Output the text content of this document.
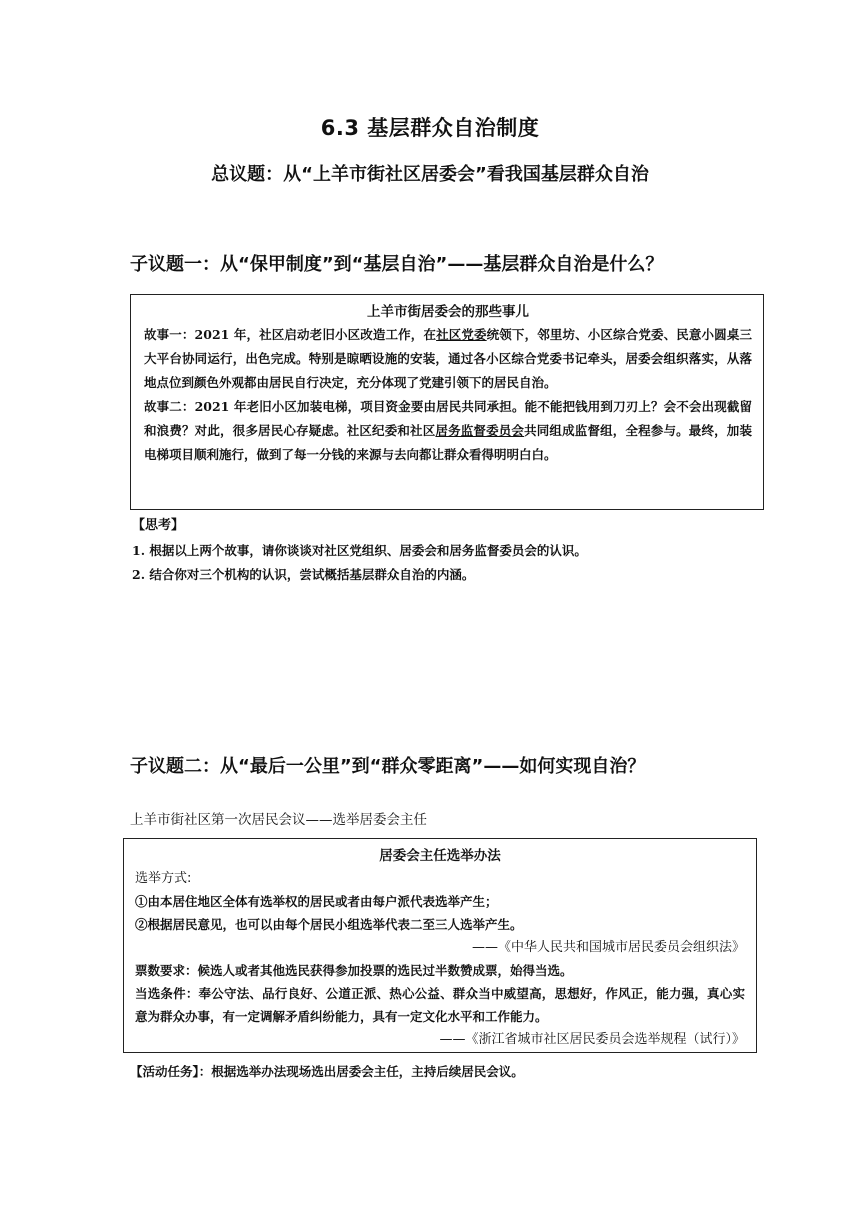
6.3 基层群众自治制度
总议题：从“上羊市街社区居委会”看我国基层群众自治
子议题一：从“保甲制度”到“基层自治”——基层群众自治是什么？
上羊市街居委会的那些事儿

故事一：2021 年，社区启动老旧小区改造工作，在社区党委统领下，邻里坊、小区综合党委、民意小圆桌三大平台协同运行，出色完成。特别是晾晒设施的安装，通过各小区综合党委书记牵头，居委会组织落实，从落地点位到颜色外观都由居民自行决定，充分体现了党建引领下的居民自治。

故事二：2021 年老旧小区加装电梯，项目资金要由居民共同承担。能不能把钱用到刀刃上？会不会出现截留和浪费？对此，很多居民心存疑虑。社区纪委和社区居务监督委员会共同组成监督组，全程参与。最终，加装电梯项目顺利施行，做到了每一分钱的来源与去向都让群众看得明明白白。

【思考】
1. 根据以上两个故事，请你谈谈对社区党组织、居委会和居务监督委员会的认识。
2. 结合你对三个机构的认识，尝试概括基层群众自治的内涵。
子议题二：从“最后一公里”到“群众零距离”——如何实现自治？
上羊市街社区第一次居民会议——选举居委会主任
居委会主任选举办法

选举方式:

①由本居住地区全体有选举权的居民或者由每户派代表选举产生；

②根据居民意见，也可以由每个居民小组选举代表二至三人选举产生。

——《中华人民共和国城市居民委员会组织法》

票数要求：候选人或者其他选民获得参加投票的选民过半数赞成票，始得当选。

当选条件：奉公守法、品行良好、公道正派、热心公益、群众当中威望高，思想好，作风正，能力强，真心实意为群众办事，有一定调解矛盾纠纷能力，具有一定文化水平和工作能力。

——《浙江省城市社区居民委员会选举规程（试行）》

【活动任务】：根据选举办法现场选出居委会主任，主持后续居民会议。
